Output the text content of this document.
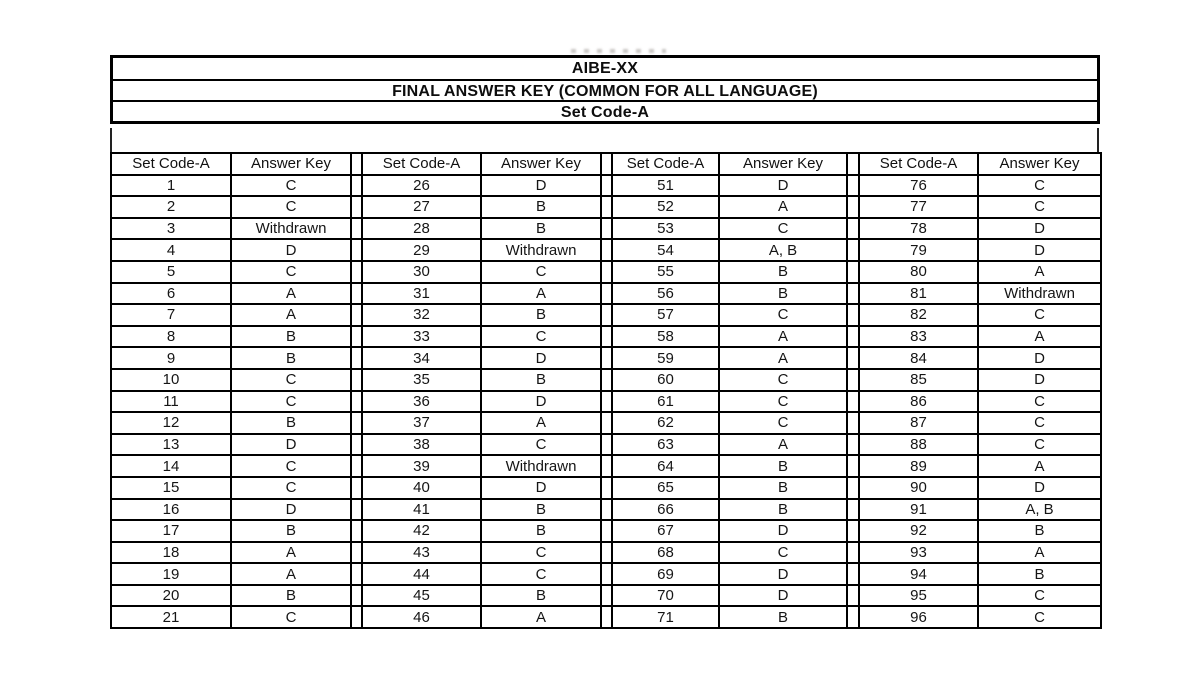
AIBE-XX
FINAL ANSWER KEY (COMMON FOR ALL LANGUAGE)
Set Code-A
Set Code-A	Answer Key		Set Code-A	Answer Key		Set Code-A	Answer Key		Set Code-A	Answer Key
1	C		26	D		51	D		76	C
2	C		27	B		52	A		77	C
3	Withdrawn		28	B		53	C		78	D
4	D		29	Withdrawn		54	A, B		79	D
5	C		30	C		55	B		80	A
6	A		31	A		56	B		81	Withdrawn
7	A		32	B		57	C		82	C
8	B		33	C		58	A		83	A
9	B		34	D		59	A		84	D
10	C		35	B		60	C		85	D
11	C		36	D		61	C		86	C
12	B		37	A		62	C		87	C
13	D		38	C		63	A		88	C
14	C		39	Withdrawn		64	B		89	A
15	C		40	D		65	B		90	D
16	D		41	B		66	B		91	A, B
17	B		42	B		67	D		92	B
18	A		43	C		68	C		93	A
19	A		44	C		69	D		94	B
20	B		45	B		70	D		95	C
21	C		46	A		71	B		96	C
